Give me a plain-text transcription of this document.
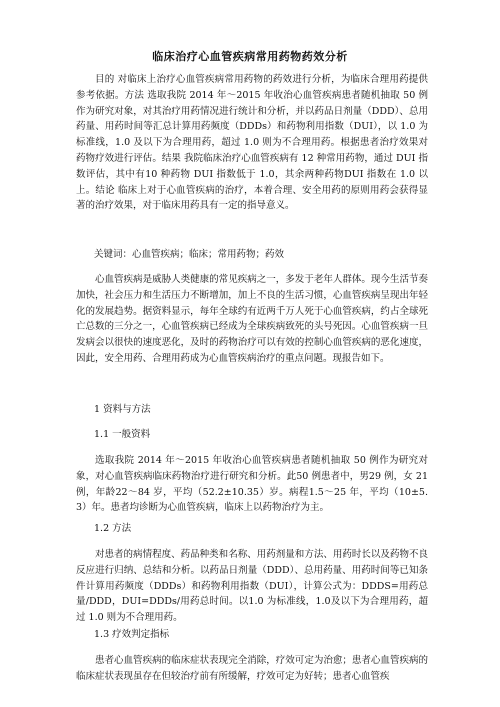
临床治疗心血管疾病常用药物药效分析

目的 对临床上治疗心血管疾病常用药物的药效进行分析，为临床合理用药提供参考依据。方法 选取我院 2014 年～2015 年收治心血管疾病患者随机抽取 50 例作为研究对象，对其治疗用药情况进行统计和分析，并以药品日剂量（DDD）、总用药量、用药时间等汇总计算用药频度（DDDs）和药物利用指数（DUI），以 1.0 为标准线，1.0 及以下为合理用药，超过 1.0 则为不合理用药。根据患者治疗效果对药物疗效进行评估。结果 我院临床治疗心血管疾病有 12 种常用药物，通过 DUI 指数评估，其中有10 种药物 DUI 指数低于 1.0，其余两种药物DUI 指数在 1.0 以上。结论 临床上对于心血管疾病的治疗，本着合理、安全用药的原则用药会获得显著的治疗效果，对于临床用药具有一定的指导意义。

关键词：心血管疾病；临床；常用药物；药效

心血管疾病是威胁人类健康的常见疾病之一，多发于老年人群体。现今生活节奏加快，社会压力和生活压力不断增加，加上不良的生活习惯，心血管疾病呈现出年轻化的发展趋势。据资料显示，每年全球约有近两千万人死于心血管疾病，约占全球死亡总数的三分之一，心血管疾病已经成为全球疾病致死的头号死因。心血管疾病一旦发病会以很快的速度恶化，及时的药物治疗可以有效的控制心血管疾病的恶化速度，因此，安全用药、合理用药成为心血管疾病治疗的重点问题。现报告如下。

1 资料与方法

1.1 一般资料

选取我院 2014 年～2015 年收治心血管疾病患者随机抽取 50 例作为研究对象，对心血管疾病临床药物治疗进行研究和分析。此50 例患者中，男29 例，女 21 例，年龄22～84 岁，平均（52.2±10.35）岁。病程1.5～25 年，平均（10±5.3）年。患者均诊断为心血管疾病，临床上以药物治疗为主。

1.2 方法

对患者的病情程度、药品种类和名称、用药剂量和方法、用药时长以及药物不良反应进行归纳、总结和分析。以药品日剂量（DDD）、总用药量、用药时间等已知条件计算用药频度（DDDs）和药物利用指数（DUI），计算公式为：DDDS=用药总量/DDD，DUI=DDDs/用药总时间。以1.0 为标准线，1.0及以下为合理用药，超过 1.0 则为不合理用药。

1.3 疗效判定指标

患者心血管疾病的临床症状表现完全消除，疗效可定为治愈；患者心血管疾病的临床症状表现虽存在但较治疗前有所缓解，疗效可定为好转；患者心血管疾
